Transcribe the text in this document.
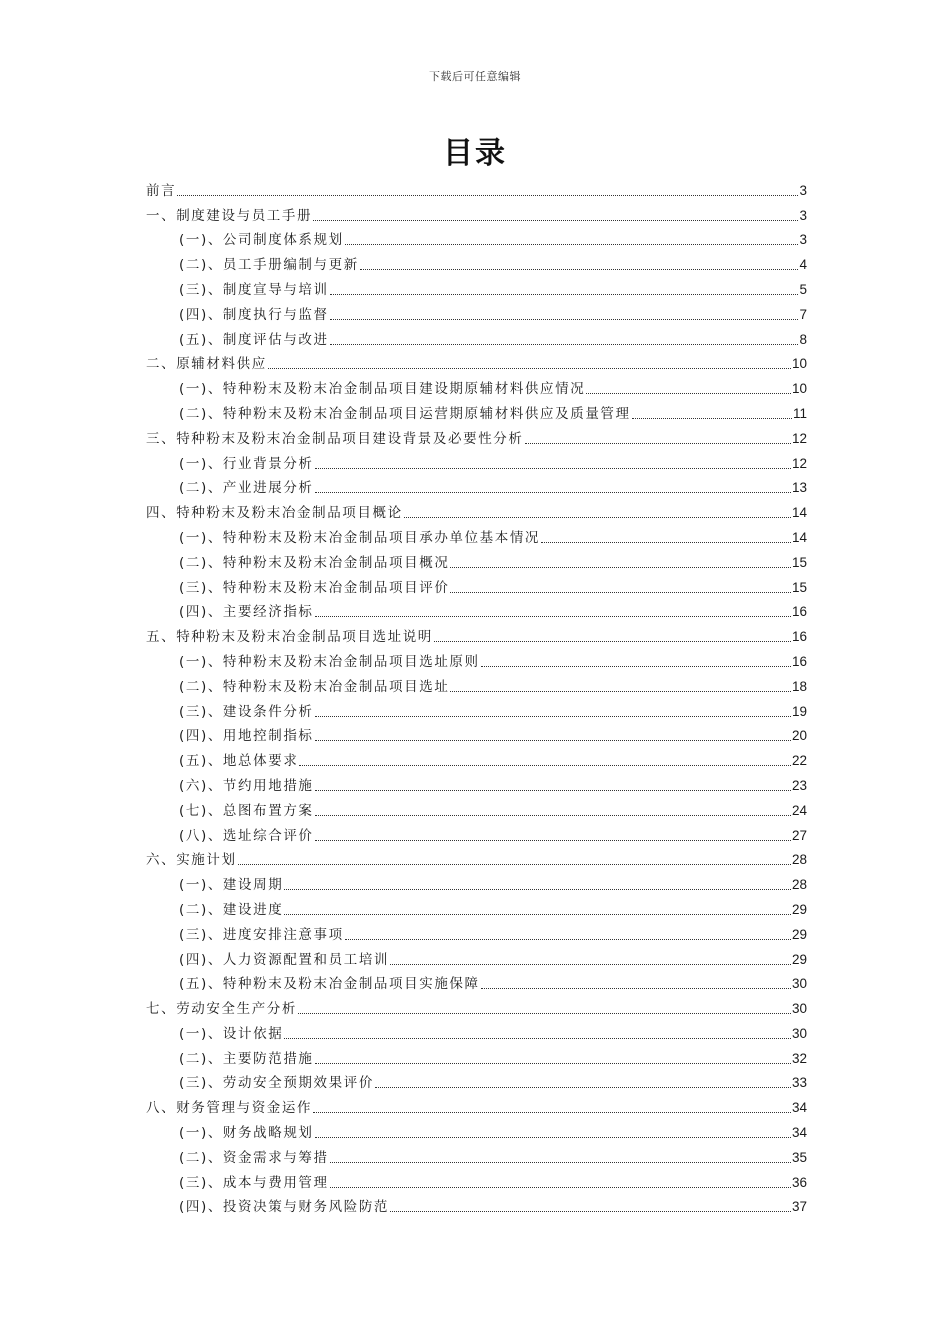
下载后可任意编辑
目录
前言	3
一、制度建设与员工手册	3
(一)、公司制度体系规划	3
(二)、员工手册编制与更新	4
(三)、制度宣导与培训	5
(四)、制度执行与监督	7
(五)、制度评估与改进	8
二、原辅材料供应	10
(一)、特种粉末及粉末冶金制品项目建设期原辅材料供应情况	10
(二)、特种粉末及粉末冶金制品项目运营期原辅材料供应及质量管理	11
三、特种粉末及粉末冶金制品项目建设背景及必要性分析	12
(一)、行业背景分析	12
(二)、产业进展分析	13
四、特种粉末及粉末冶金制品项目概论	14
(一)、特种粉末及粉末冶金制品项目承办单位基本情况	14
(二)、特种粉末及粉末冶金制品项目概况	15
(三)、特种粉末及粉末冶金制品项目评价	15
(四)、主要经济指标	16
五、特种粉末及粉末冶金制品项目选址说明	16
(一)、特种粉末及粉末冶金制品项目选址原则	16
(二)、特种粉末及粉末冶金制品项目选址	18
(三)、建设条件分析	19
(四)、用地控制指标	20
(五)、地总体要求	22
(六)、节约用地措施	23
(七)、总图布置方案	24
(八)、选址综合评价	27
六、实施计划	28
(一)、建设周期	28
(二)、建设进度	29
(三)、进度安排注意事项	29
(四)、人力资源配置和员工培训	29
(五)、特种粉末及粉末冶金制品项目实施保障	30
七、劳动安全生产分析	30
(一)、设计依据	30
(二)、主要防范措施	32
(三)、劳动安全预期效果评价	33
八、财务管理与资金运作	34
(一)、财务战略规划	34
(二)、资金需求与筹措	35
(三)、成本与费用管理	36
(四)、投资决策与财务风险防范	37
